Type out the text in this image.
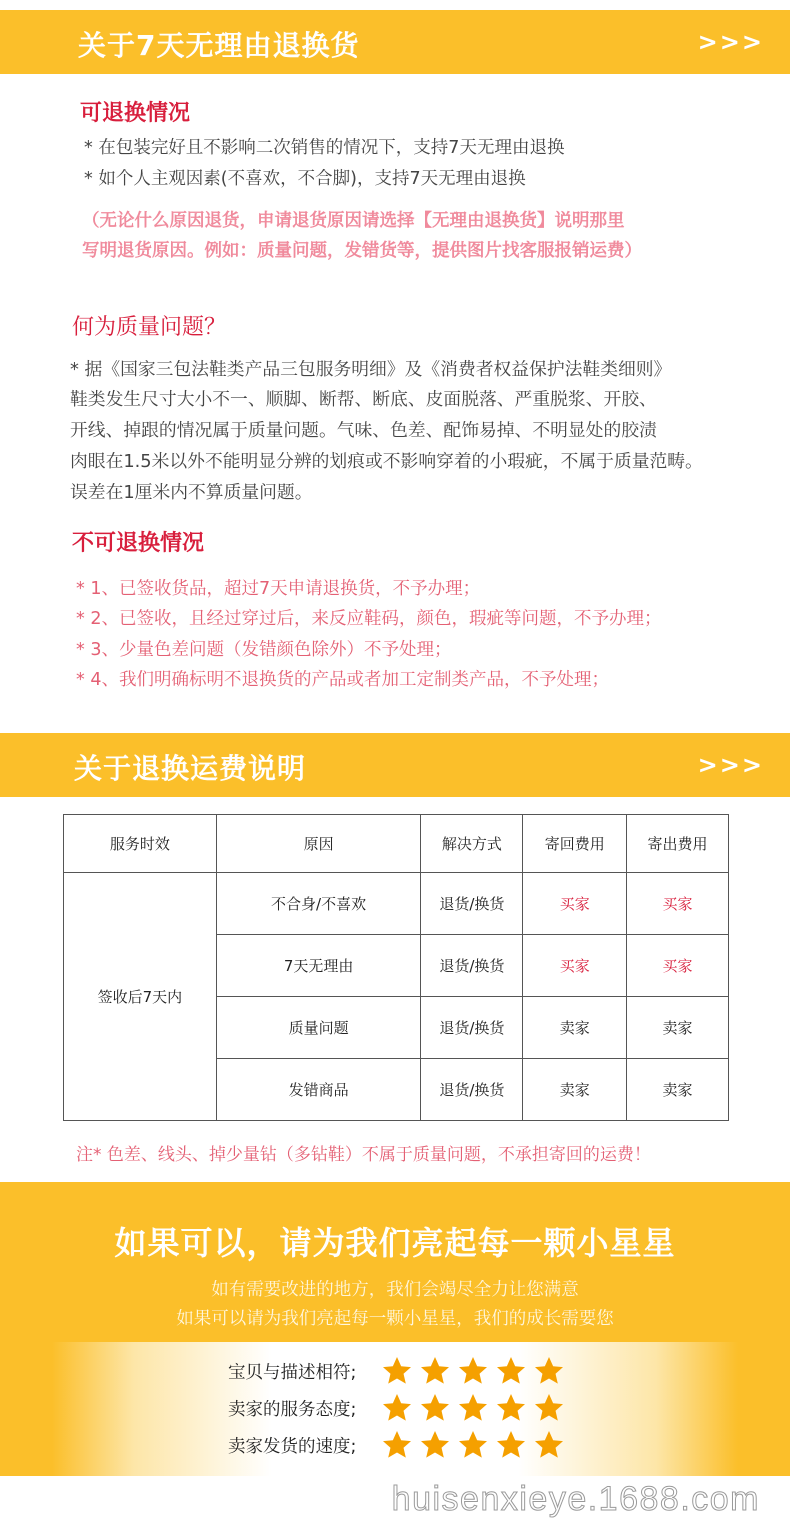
关于7天无理由退换货	>>>
可退换情况
* 在包装完好且不影响二次销售的情况下，支持7天无理由退换
* 如个人主观因素(不喜欢，不合脚)，支持7天无理由退换
（无论什么原因退货，申请退货原因请选择【无理由退换货】说明那里
写明退货原因。例如：质量问题，发错货等，提供图片找客服报销运费）
何为质量问题？
* 据《国家三包法鞋类产品三包服务明细》及《消费者权益保护法鞋类细则》
鞋类发生尺寸大小不一、顺脚、断帮、断底、皮面脱落、严重脱浆、开胶、
开线、掉跟的情况属于质量问题。气味、色差、配饰易掉、不明显处的胶渍
肉眼在1.5米以外不能明显分辨的划痕或不影响穿着的小瑕疵，不属于质量范畴。
误差在1厘米内不算质量问题。
不可退换情况
* 1、已签收货品，超过7天申请退换货，不予办理；
* 2、已签收，且经过穿过后，来反应鞋码，颜色，瑕疵等问题，不予办理；
* 3、少量色差问题（发错颜色除外）不予处理；
* 4、我们明确标明不退换货的产品或者加工定制类产品，不予处理；
关于退换运费说明	>>>
服务时效	原因	解决方式	寄回费用	寄出费用
签收后7天内	不合身/不喜欢	退货/换货	买家	买家
	7天无理由	退货/换货	买家	买家
	质量问题	退货/换货	卖家	卖家
	发错商品	退货/换货	卖家	卖家
注* 色差、线头、掉少量钻（多钻鞋）不属于质量问题，不承担寄回的运费！
如果可以，请为我们亮起每一颗小星星
如有需要改进的地方，我们会竭尽全力让您满意
如果可以请为我们亮起每一颗小星星，我们的成长需要您
宝贝与描述相符;
卖家的服务态度;
卖家发货的速度;
huisenxieye.1688.com
